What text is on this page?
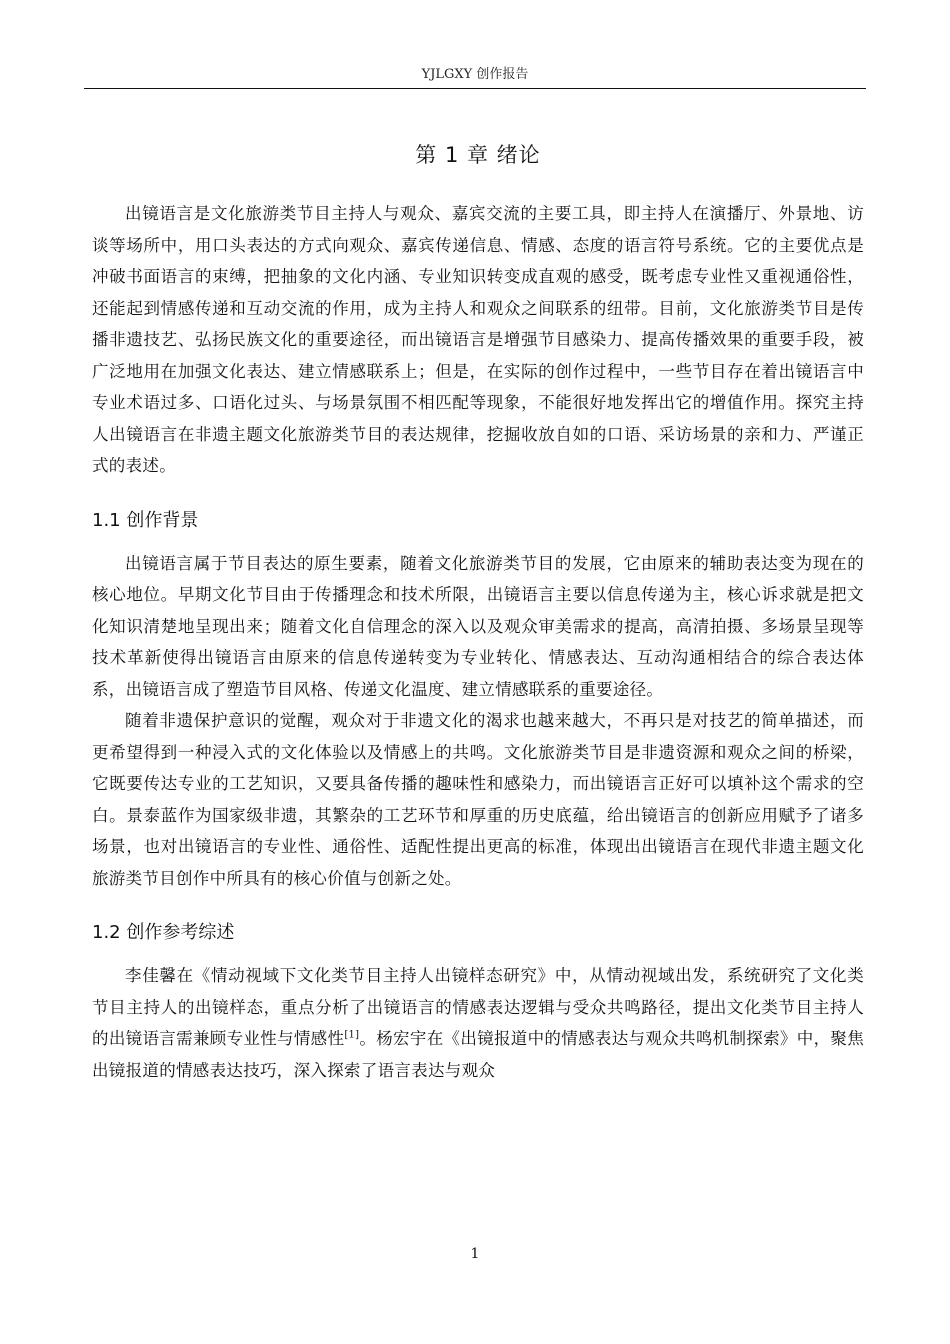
YJLGXY 创作报告
第 1 章 绪论

出镜语言是文化旅游类节目主持人与观众、嘉宾交流的主要工具，即主持人在演播厅、外景地、访谈等场所中，用口头表达的方式向观众、嘉宾传递信息、情感、态度的语言符号系统。它的主要优点是冲破书面语言的束缚，把抽象的文化内涵、专业知识转变成直观的感受，既考虑专业性又重视通俗性，还能起到情感传递和互动交流的作用，成为主持人和观众之间联系的纽带。目前，文化旅游类节目是传播非遗技艺、弘扬民族文化的重要途径，而出镜语言是增强节目感染力、提高传播效果的重要手段，被广泛地用在加强文化表达、建立情感联系上；但是，在实际的创作过程中，一些节目存在着出镜语言中专业术语过多、口语化过头、与场景氛围不相匹配等现象，不能很好地发挥出它的增值作用。探究主持人出镜语言在非遗主题文化旅游类节目的表达规律，挖掘收放自如的口语、采访场景的亲和力、严谨正式的表述。

1.1 创作背景

出镜语言属于节目表达的原生要素，随着文化旅游类节目的发展，它由原来的辅助表达变为现在的核心地位。早期文化节目由于传播理念和技术所限，出镜语言主要以信息传递为主，核心诉求就是把文化知识清楚地呈现出来；随着文化自信理念的深入以及观众审美需求的提高，高清拍摄、多场景呈现等技术革新使得出镜语言由原来的信息传递转变为专业转化、情感表达、互动沟通相结合的综合表达体系，出镜语言成了塑造节目风格、传递文化温度、建立情感联系的重要途径。

随着非遗保护意识的觉醒，观众对于非遗文化的渴求也越来越大，不再只是对技艺的简单描述，而更希望得到一种浸入式的文化体验以及情感上的共鸣。文化旅游类节目是非遗资源和观众之间的桥梁，它既要传达专业的工艺知识，又要具备传播的趣味性和感染力，而出镜语言正好可以填补这个需求的空白。景泰蓝作为国家级非遗，其繁杂的工艺环节和厚重的历史底蕴，给出镜语言的创新应用赋予了诸多场景，也对出镜语言的专业性、通俗性、适配性提出更高的标准，体现出出镜语言在现代非遗主题文化旅游类节目创作中所具有的核心价值与创新之处。

1.2 创作参考综述

李佳馨在《情动视域下文化类节目主持人出镜样态研究》中，从情动视域出发，系统研究了文化类节目主持人的出镜样态，重点分析了出镜语言的情感表达逻辑与受众共鸣路径，提出文化类节目主持人的出镜语言需兼顾专业性与情感性[1]。杨宏宇在《出镜报道中的情感表达与观众共鸣机制探索》中，聚焦出镜报道的情感表达技巧，深入探索了语言表达与观众

1
